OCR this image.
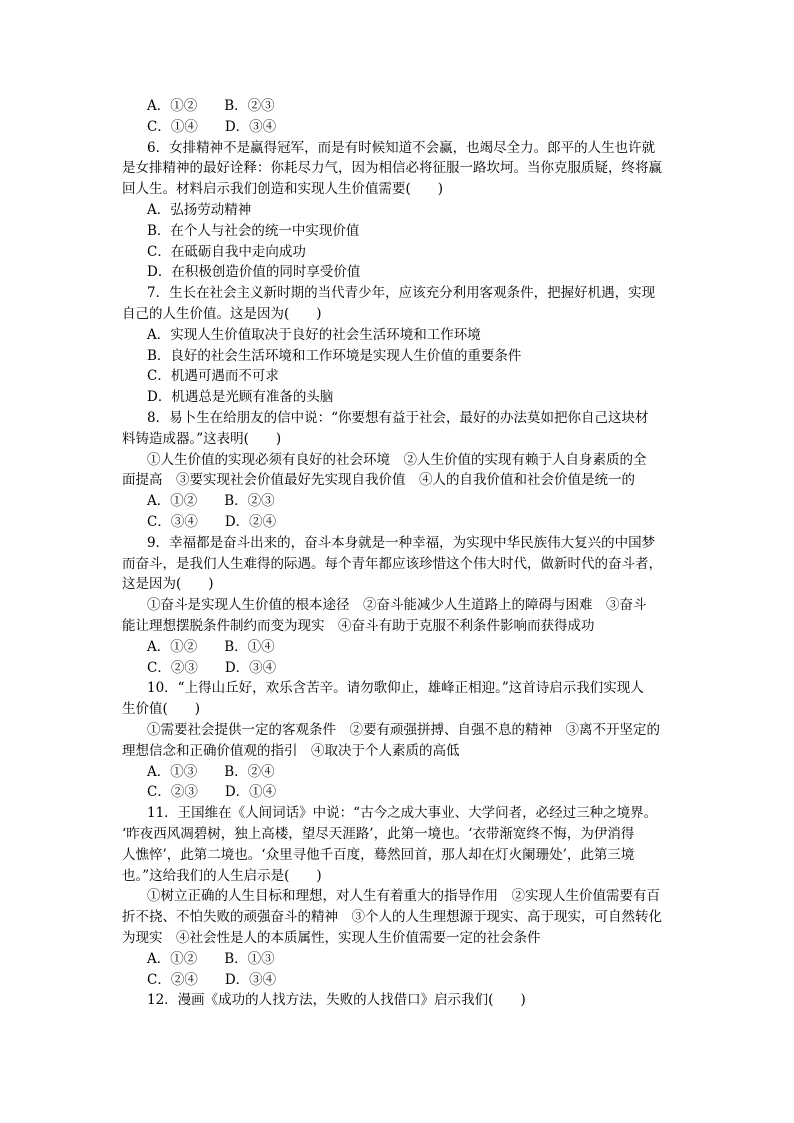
A．①②　　B．②③
C．①④　　D．③④
6．女排精神不是赢得冠军，而是有时候知道不会赢，也竭尽全力。郎平的人生也许就
是女排精神的最好诠释：你耗尽力气，因为相信必将征服一路坎坷。当你克服质疑，终将赢
回人生。材料启示我们创造和实现人生价值需要(　　)
A．弘扬劳动精神
B．在个人与社会的统一中实现价值
C．在砥砺自我中走向成功
D．在积极创造价值的同时享受价值
7．生长在社会主义新时期的当代青少年，应该充分利用客观条件，把握好机遇，实现
自己的人生价值。这是因为(　　)
A．实现人生价值取决于良好的社会生活环境和工作环境
B．良好的社会生活环境和工作环境是实现人生价值的重要条件
C．机遇可遇而不可求
D．机遇总是光顾有准备的头脑
8．易卜生在给朋友的信中说：“你要想有益于社会，最好的办法莫如把你自己这块材
料铸造成器。”这表明(　　)
①人生价值的实现必须有良好的社会环境　②人生价值的实现有赖于人自身素质的全
面提高　③要实现社会价值最好先实现自我价值　④人的自我价值和社会价值是统一的
A．①②　　B．②③
C．③④　　D．②④
9．幸福都是奋斗出来的，奋斗本身就是一种幸福，为实现中华民族伟大复兴的中国梦
而奋斗，是我们人生难得的际遇。每个青年都应该珍惜这个伟大时代，做新时代的奋斗者，
这是因为(　　)
①奋斗是实现人生价值的根本途径　②奋斗能减少人生道路上的障碍与困难　③奋斗
能让理想摆脱条件制约而变为现实　④奋斗有助于克服不利条件影响而获得成功
A．①②　　B．①④
C．②③　　D．③④
10．“上得山丘好，欢乐含苦辛。请勿歌仰止，雄峰正相迎。”这首诗启示我们实现人
生价值(　　)
①需要社会提供一定的客观条件　②要有顽强拼搏、自强不息的精神　③离不开坚定的
理想信念和正确价值观的指引　④取决于个人素质的高低
A．①③　　B．②④
C．②③　　D．①④
11．王国维在《人间词话》中说：“古今之成大事业、大学问者，必经过三种之境界。
‘昨夜西风凋碧树，独上高楼，望尽天涯路’，此第一境也。‘衣带渐宽终不悔，为伊消得
人憔悴’，此第二境也。‘众里寻他千百度，蓦然回首，那人却在灯火阑珊处’，此第三境
也。”这给我们的人生启示是(　　)
①树立正确的人生目标和理想，对人生有着重大的指导作用　②实现人生价值需要有百
折不挠、不怕失败的顽强奋斗的精神　③个人的人生理想源于现实、高于现实，可自然转化
为现实　④社会性是人的本质属性，实现人生价值需要一定的社会条件
A．①②　　B．①③
C．②④　　D．③④
12．漫画《成功的人找方法，失败的人找借口》启示我们(　　)
